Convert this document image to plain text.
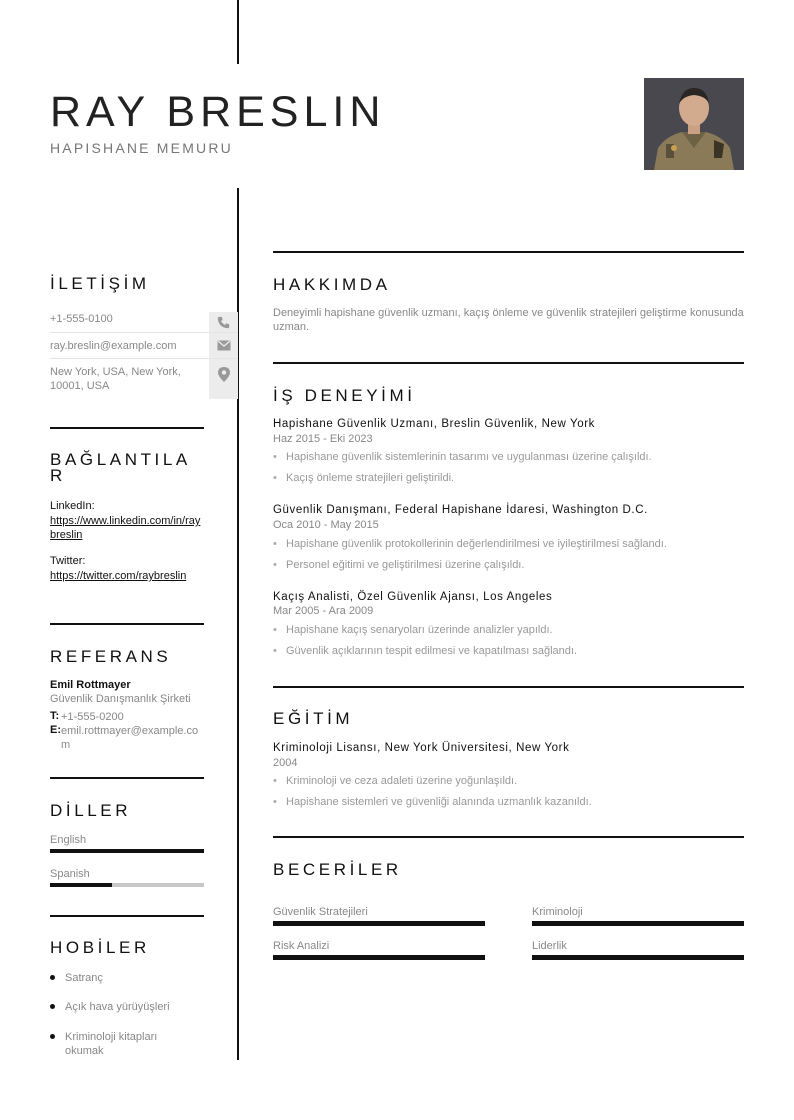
RAY BRESLIN
HAPISHANE MEMURU
İLETİŞİM
+1-555-0100
ray.breslin@example.com
New York, USA, New York, 10001, USA
BAĞLANTILA
R
LinkedIn:
https://www.linkedin.com/in/raybreslin
Twitter:
https://twitter.com/raybreslin
REFERANS
Emil Rottmayer
Güvenlik Danışmanlık Şirketi
T: +1-555-0200
E: emil.rottmayer@example.com
DİLLER
English
Spanish
HOBİLER
Satranç
Açık hava yürüyüşleri
Kriminoloji kitapları okumak
HAKKIMDA
Deneyimli hapishane güvenlik uzmanı, kaçış önleme ve güvenlik stratejileri geliştirme konusunda uzman.
İŞ DENEYİMİ
Hapishane Güvenlik Uzmanı, Breslin Güvenlik, New York
Haz 2015 - Eki 2023
• Hapishane güvenlik sistemlerinin tasarımı ve uygulanması üzerine çalışıldı.
• Kaçış önleme stratejileri geliştirildi.
Güvenlik Danışmanı, Federal Hapishane İdaresi, Washington D.C.
Oca 2010 - May 2015
• Hapishane güvenlik protokollerinin değerlendirilmesi ve iyileştirilmesi sağlandı.
• Personel eğitimi ve geliştirilmesi üzerine çalışıldı.
Kaçış Analisti, Özel Güvenlik Ajansı, Los Angeles
Mar 2005 - Ara 2009
• Hapishane kaçış senaryoları üzerinde analizler yapıldı.
• Güvenlik açıklarının tespit edilmesi ve kapatılması sağlandı.
EĞİTİM
Kriminoloji Lisansı, New York Üniversitesi, New York
2004
• Kriminoloji ve ceza adaleti üzerine yoğunlaşıldı.
• Hapishane sistemleri ve güvenliği alanında uzmanlık kazanıldı.
BECERİLER
Güvenlik Stratejileri	Kriminoloji
Risk Analizi	Liderlik
